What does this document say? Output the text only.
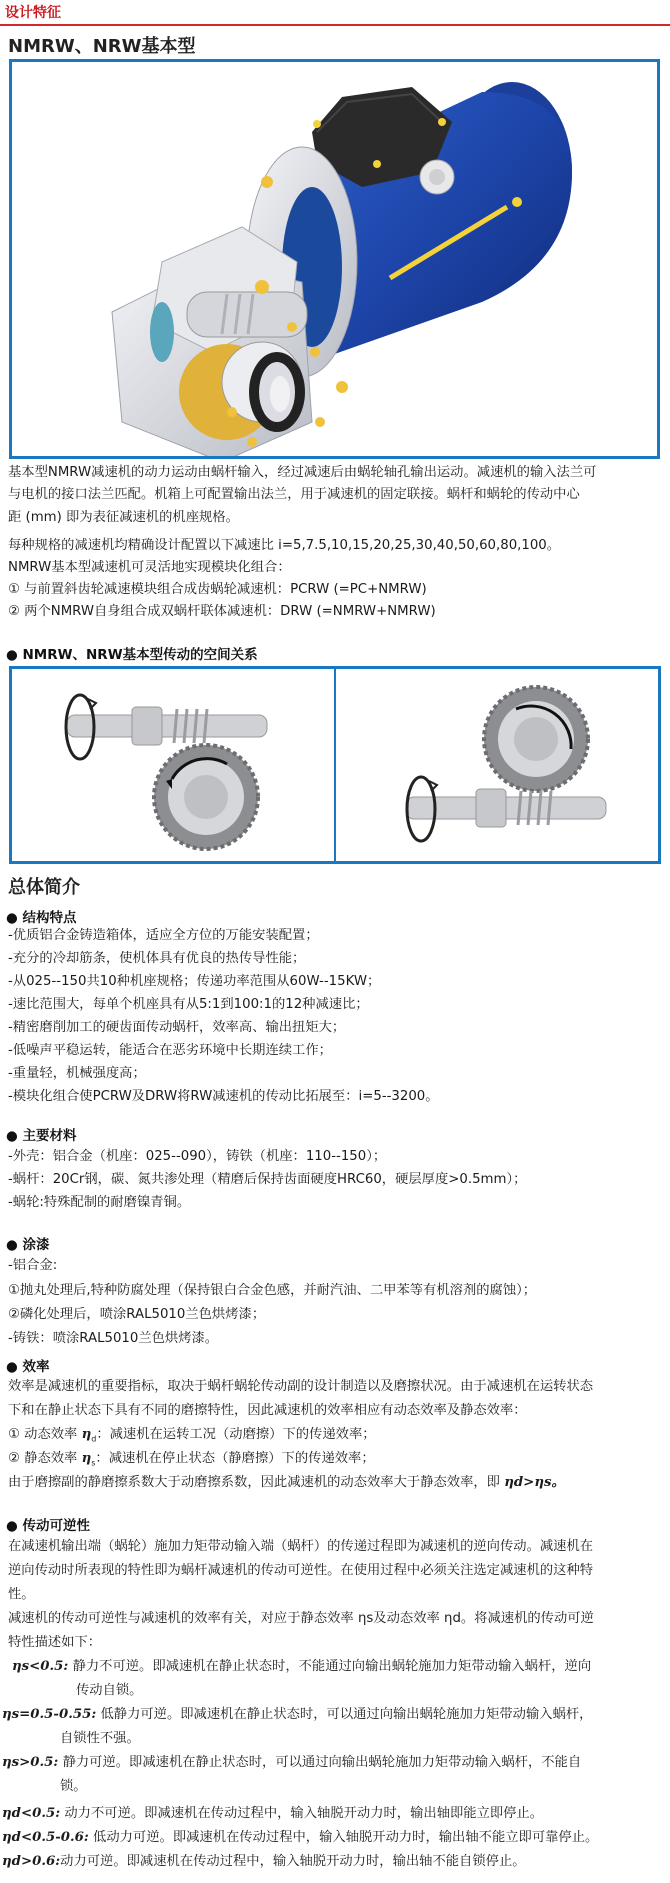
设计特征
NMRW、NRW基本型
基本型NMRW减速机的动力运动由蜗杆输入，经过减速后由蜗轮轴孔输出运动。减速机的输入法兰可
与电机的接口法兰匹配。机箱上可配置输出法兰，用于减速机的固定联接。蜗杆和蜗轮的传动中心
距 (mm) 即为表征减速机的机座规格。
每种规格的减速机均精确设计配置以下减速比 i=5,7.5,10,15,20,25,30,40,50,60,80,100。
NMRW基本型减速机可灵活地实现模块化组合：
① 与前置斜齿轮减速模块组合成齿蜗轮减速机：PCRW (=PC+NMRW)
② 两个NMRW自身组合成双蜗杆联体减速机：DRW (=NMRW+NMRW)
● NMRW、NRW基本型传动的空间关系
总体简介
● 结构特点
-优质铝合金铸造箱体，适应全方位的万能安装配置；
-充分的冷却筋条，使机体具有优良的热传导性能；
-从025--150共10种机座规格；传递功率范围从60W--15KW；
-速比范围大，每单个机座具有从5:1到100:1的12种减速比；
-精密磨削加工的硬齿面传动蜗杆，效率高、输出扭矩大；
-低噪声平稳运转，能适合在恶劣环境中长期连续工作；
-重量轻，机械强度高；
-模块化组合使PCRW及DRW将RW减速机的传动比拓展至：i=5--3200。
● 主要材料
-外壳：铝合金（机座：025--090），铸铁（机座：110--150）；
-蜗杆：20Cr钢，碳、氮共渗处理（精磨后保持齿面硬度HRC60，硬层厚度>0.5mm）；
-蜗轮:特殊配制的耐磨镍青铜。
● 涂漆
-铝合金:
①抛丸处理后,特种防腐处理（保持银白合金色感，并耐汽油、二甲苯等有机溶剂的腐蚀）；
②磷化处理后，喷涂RAL5010兰色烘烤漆；
-铸铁：喷涂RAL5010兰色烘烤漆。
● 效率
效率是减速机的重要指标，取决于蜗杆蜗轮传动副的设计制造以及磨擦状况。由于减速机在运转状态
下和在静止状态下具有不同的磨擦特性，因此减速机的效率相应有动态效率及静态效率：
① 动态效率 $\eta_d$：减速机在运转工况（动磨擦）下的传递效率；
② 静态效率 $\eta_s$：减速机在停止状态（静磨擦）下的传递效率；
由于磨擦副的静磨擦系数大于动磨擦系数，因此减速机的动态效率大于静态效率，即 ηd>ηs。
● 传动可逆性
在减速机输出端（蜗轮）施加力矩带动输入端（蜗杆）的传递过程即为减速机的逆向传动。减速机在
逆向传动时所表现的特性即为蜗杆减速机的传动可逆性。在使用过程中必须关注选定减速机的这种特
性。
减速机的传动可逆性与减速机的效率有关，对应于静态效率 ηs及动态效率 ηd。将减速机的传动可逆
特性描述如下：
ηs<0.5: 静力不可逆。即减速机在静止状态时，不能通过向输出蜗轮施加力矩带动输入蜗杆，逆向
传动自锁。
ηs=0.5-0.55: 低静力可逆。即减速机在静止状态时，可以通过向输出蜗轮施加力矩带动输入蜗杆，
自锁性不强。
ηs>0.5: 静力可逆。即减速机在静止状态时，可以通过向输出蜗轮施加力矩带动输入蜗杆，不能自
锁。
ηd<0.5: 动力不可逆。即减速机在传动过程中，输入轴脱开动力时，输出轴即能立即停止。
ηd<0.5-0.6: 低动力可逆。即减速机在传动过程中，输入轴脱开动力时，输出轴不能立即可靠停止。
ηd>0.6:动力可逆。即减速机在传动过程中，输入轴脱开动力时，输出轴不能自锁停止。
